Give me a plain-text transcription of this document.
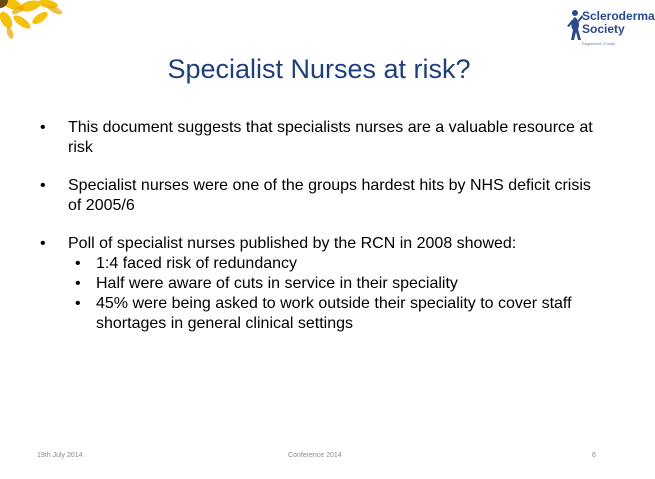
Scleroderma
Society
Registered Charity
Specialist Nurses at risk?
• This document suggests that specialists nurses are a valuable resource at risk
• Specialist nurses were one of the groups hardest hits by NHS deficit crisis of 2005/6
• Poll of specialist nurses published by the RCN in 2008 showed:
• 1:4 faced risk of redundancy
• Half were aware of cuts in service in their speciality
• 45% were being asked to work outside their speciality to cover staff shortages in general clinical settings
19th July 2014	Conference 2014	6
